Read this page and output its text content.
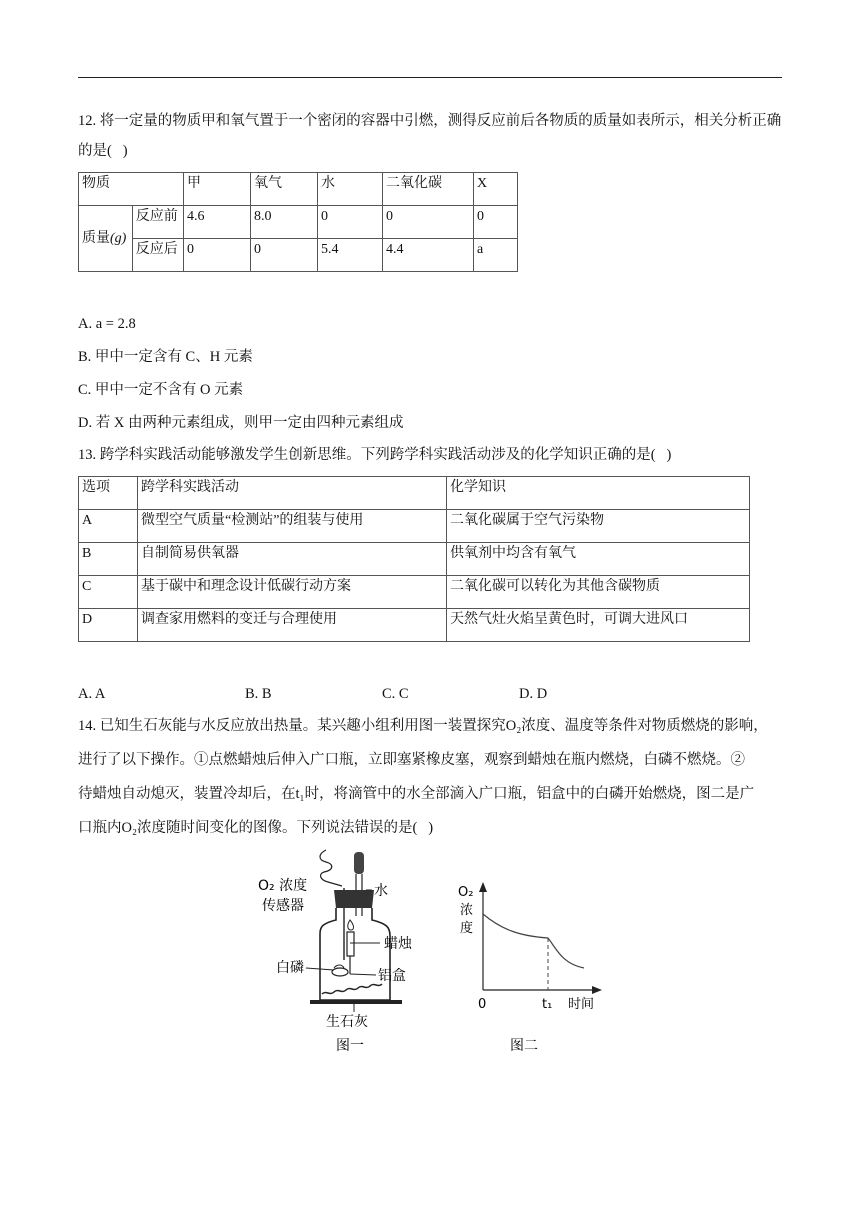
12. 将一定量的物质甲和氧气置于一个密闭的容器中引燃，测得反应前后各物质的质量如表所示，相关分析正确的是(   )
物质		甲	氧气	水	二氧化碳	X
质量(g)	反应前	4.6	8.0	0	0	0
	反应后	0	0	5.4	4.4	a
A. a = 2.8
B. 甲中一定含有 C、H 元素
C. 甲中一定不含有 O 元素
D. 若 X 由两种元素组成，则甲一定由四种元素组成
13. 跨学科实践活动能够激发学生创新思维。下列跨学科实践活动涉及的化学知识正确的是(   )
选项	跨学科实践活动	化学知识
A	微型空气质量“检测站”的组装与使用	二氧化碳属于空气污染物
B	自制简易供氧器	供氧剂中均含有氧气
C	基于碳中和理念设计低碳行动方案	二氧化碳可以转化为其他含碳物质
D	调查家用燃料的变迁与合理使用	天然气灶火焰呈黄色时，可调大进风口
A. A	B. B	C. C	D. D
14. 已知生石灰能与水反应放出热量。某兴趣小组利用图一装置探究O₂浓度、温度等条件对物质燃烧的影响，
进行了以下操作。①点燃蜡烛后伸入广口瓶，立即塞紧橡皮塞，观察到蜡烛在瓶内燃烧，白磷不燃烧。②
待蜡烛自动熄灭，装置冷却后，在t₁时，将滴管中的水全部滴入广口瓶，铝盒中的白磷开始燃烧，图二是广
口瓶内O₂浓度随时间变化的图像。下列说法错误的是(   )
O₂ 浓度
传感器
水
蜡烛
白磷	铝盒
生石灰
图一
O₂
浓
度
0	t₁ 时间
图二
